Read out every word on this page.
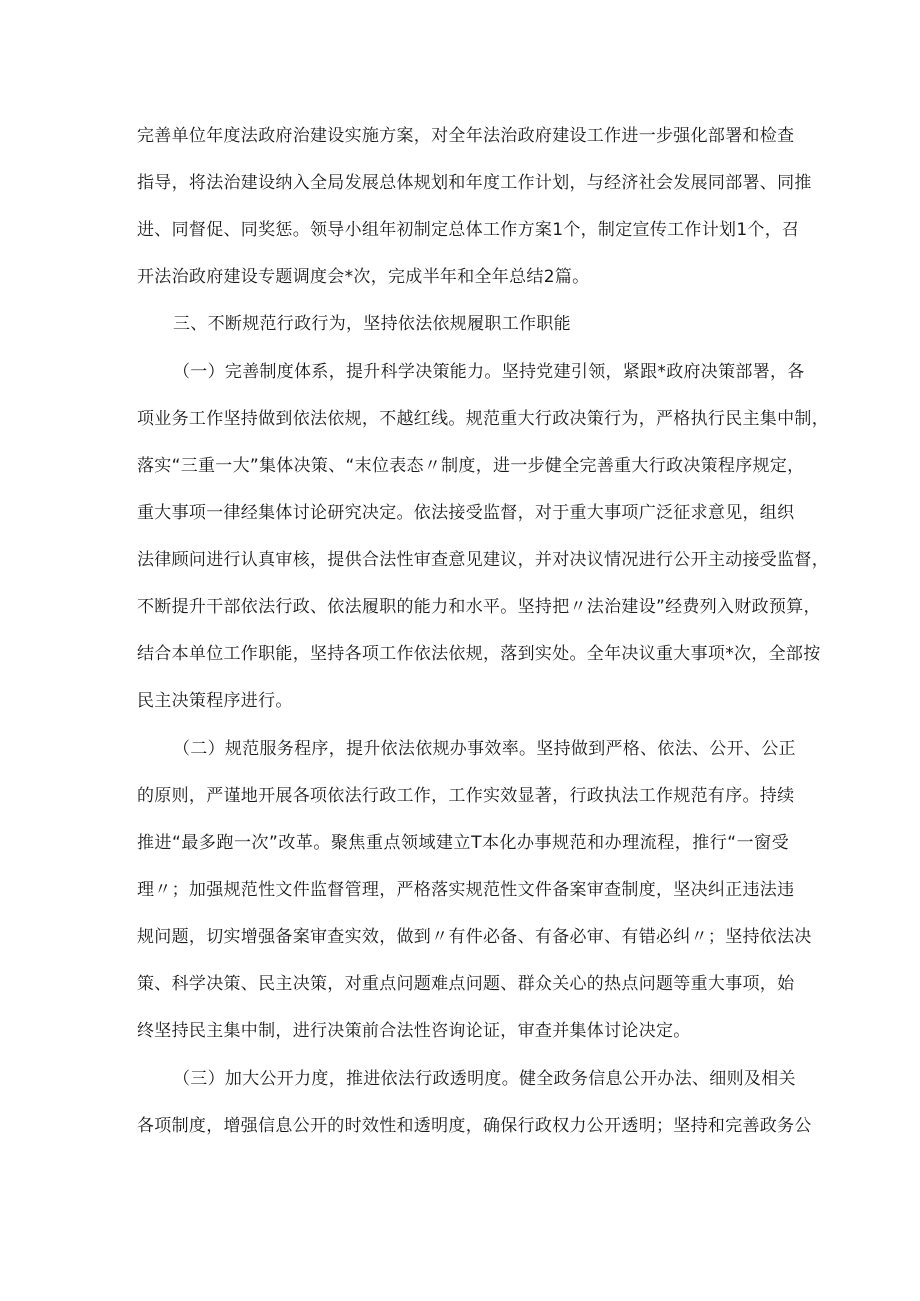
完善单位年度法政府治建设实施方案，对全年法治政府建设工作进一步强化部署和检查

指导，将法治建设纳入全局发展总体规划和年度工作计划，与经济社会发展同部署、同推

进、同督促、同奖惩。领导小组年初制定总体工作方案1个，制定宣传工作计划1个，召

开法治政府建设专题调度会*次，完成半年和全年总结2篇。

三、不断规范行政行为，坚持依法依规履职工作职能

（一）完善制度体系，提升科学决策能力。坚持党建引领，紧跟*政府决策部署，各

项业务工作坚持做到依法依规，不越红线。规范重大行政决策行为，严格执行民主集中制，

落实“三重一大”集体决策、“末位表态〃制度，进一步健全完善重大行政决策程序规定，

重大事项一律经集体讨论研究决定。依法接受监督，对于重大事项广泛征求意见，组织

法律顾问进行认真审核，提供合法性审查意见建议，并对决议情况进行公开主动接受监督，

不断提升干部依法行政、依法履职的能力和水平。坚持把〃法治建设”经费列入财政预算，

结合本单位工作职能，坚持各项工作依法依规，落到实处。全年决议重大事项*次，全部按

民主决策程序进行。

（二）规范服务程序，提升依法依规办事效率。坚持做到严格、依法、公开、公正

的原则，严谨地开展各项依法行政工作，工作实效显著，行政执法工作规范有序。持续

推进“最多跑一次”改革。聚焦重点领域建立T本化办事规范和办理流程，推行“一窗受

理〃；加强规范性文件监督管理，严格落实规范性文件备案审查制度，坚决纠正违法违

规问题，切实增强备案审查实效，做到〃有件必备、有备必审、有错必纠〃；坚持依法决

策、科学决策、民主决策，对重点问题难点问题、群众关心的热点问题等重大事项，始

终坚持民主集中制，进行决策前合法性咨询论证，审查并集体讨论决定。

（三）加大公开力度，推进依法行政透明度。健全政务信息公开办法、细则及相关

各项制度，增强信息公开的时效性和透明度，确保行政权力公开透明；坚持和完善政务公
